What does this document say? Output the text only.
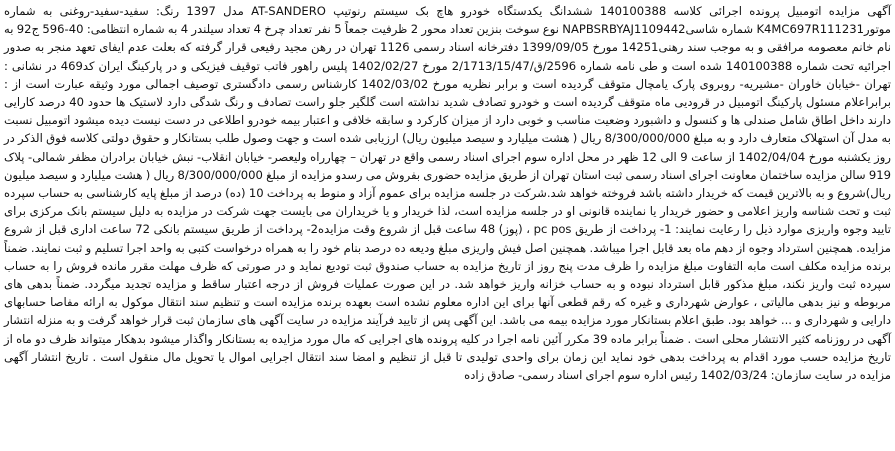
آگهی مزایده اتومبیل پرونده اجرائی کلاسه 140100388 ششدانگ یکدستگاه خودرو هاچ بک سیستم رنوتیپ AT-SANDERO مدل 1397 رنگ: سفید-سفید-روغنی به شماره موتورK4MC697R111231 شماره شاسیNAPBSRBYAJ1109442 نوع سوخت بنزین تعداد محور 2 ظرفیت جمعاً 5 نفر تعداد چرخ 4 تعداد سیلندر 4 به شماره انتظامی: 40-596 ج92 به نام خانم معصومه مرافقی و به موجب سند رهنی14251 مورخ 1399/09/05 دفترخانه اسناد رسمی 1126 تهران در رهن مجید رفیعی قرار گرفته که بعلت عدم ایفای تعهد منجر به صدور اجرائیه تحت شماره 140100388 شده است و طی نامه شماره 2596/ق/2/1713/15/47 مورخ 1402/02/27 پلیس راهور فاتب توقیف فیزیکی و در پارکینگ ایران کد469 در نشانی : تهران -خیابان خاوران -مشیریه- روبروی پارک یامچال متوقف گردیده است و برابر نظریه مورخ 1402/03/02 کارشناس رسمی دادگستری توصیف اجمالی مورد وثیقه عبارت است از : برابراعلام مسئول پارکینگ اتومبیل در قرودیی ماه متوقف گردیده است و خودرو تصادف شدید نداشته است گلگیر جلو راست تصادف و رنگ شدگی دارد لاستیک ها حدود 40 درصد کارایی دارند داخل اطاق شامل صندلی ها و کنسول و داشبورد وضعیت مناسب و خوبی دارد از میزان کارکرد و سابقه خلافی و اعتبار بیمه خودرو اطلاعی در دست نیست دیده میشود اتومبیل نسبت به مدل آن استهلاک متعارف دارد و به مبلغ 8/300/000/000 ریال ( هشت میلیارد و سیصد میلیون ریال) ارزیابی شده است و جهت وصول طلب بستانکار و حقوق دولتی کلاسه فوق الذکر در روز یکشنبه مورخ 1402/04/04 از ساعت 9 الی 12 ظهر در محل اداره سوم اجرای اسناد رسمی واقع در تهران – چهارراه ولیعصر- خیابان انقلاب- نبش خیابان برادران مظفر شمالی- پلاک 919 سالن مزایده ساختمان معاونت اجرای اسناد رسمی ثبت استان تهران از طریق مزایده حضوری بفروش می رسدو مزایده از مبلغ 8/300/000/000 ریال ( هشت میلیارد و سیصد میلیون ریال)شروع و به بالاترین قیمت که خریدار داشته باشد فروخته خواهد شد.شرکت در جلسه مزایده برای عموم آزاد و منوط به پرداخت 10 (ده) درصد از مبلغ پایه کارشناسی به حساب سپرده ثبت و تحت شناسه واریز اعلامی و حضور خریدار یا نماینده قانونی او در جلسه مزایده است، لذا خریدار و یا خریداران می بایست جهت شرکت در مزایده به دلیل سیستم بانک مرکزی برای تایید وجوه واریزی موارد ذیل را رعایت نمایند: 1- پرداخت از طریق pc pos ، (پوز) 48 ساعت قبل از شروع وقت مزایده2- پرداخت از طریق سیستم بانکی 72 ساعت اداری قبل از شروع مزایده. همچنین استرداد وجوه از دهم ماه بعد قابل اجرا میباشد. همچنین اصل فیش واریزی مبلغ ودیعه ده درصد بنام خود را به همراه درخواست کتبی به واحد اجرا تسلیم و ثبت نمایند. ضمناً برنده مزایده مکلف است مابه التفاوت مبلغ مزایده را ظرف مدت پنج روز از تاریخ مزایده به حساب صندوق ثبت تودیع نماید و در صورتی که ظرف مهلت مقرر مانده فروش را به حساب سپرده ثبت واریز نکند، مبلغ مذکور قابل استرداد نبوده و به حساب خزانه واریز خواهد شد. در این صورت عملیات فروش از درجه اعتبار ساقط و مزایده تجدید میگردد. ضمناً بدهی های مربوطه و نیز بدهی مالیاتی ، عوارض شهرداری و غیره که رقم قطعی آنها برای این اداره معلوم نشده است بعهده برنده مزایده است و تنظیم سند انتقال موکول به ارائه مفاصا حسابهای دارایی و شهرداری و ... خواهد بود. طبق اعلام بستانکار مورد مزایده بیمه می باشد. این آگهی پس از تایید فرآیند مزایده در سایت آگهی های سازمان ثبت قرار خواهد گرفت و به منزله انتشار آگهی در روزنامه کثیر الانتشار محلی است . ضمناً برابر ماده 39 مکرر آئین نامه اجرا در کلیه پرونده های اجرایی که مال مورد مزایده به بستانکار واگذار میشود بدهکار میتواند ظرف دو ماه از تاریخ مزایده حسب مورد اقدام به پرداخت بدهی خود نماید این زمان برای واحدی تولیدی تا قبل از تنظیم و امضا سند انتقال اجرایی اموال یا تحویل مال منقول است . تاریخ انتشار آگهی مزایده در سایت سازمان: 1402/03/24 رئیس اداره سوم اجرای اسناد رسمی- صادق زاده
